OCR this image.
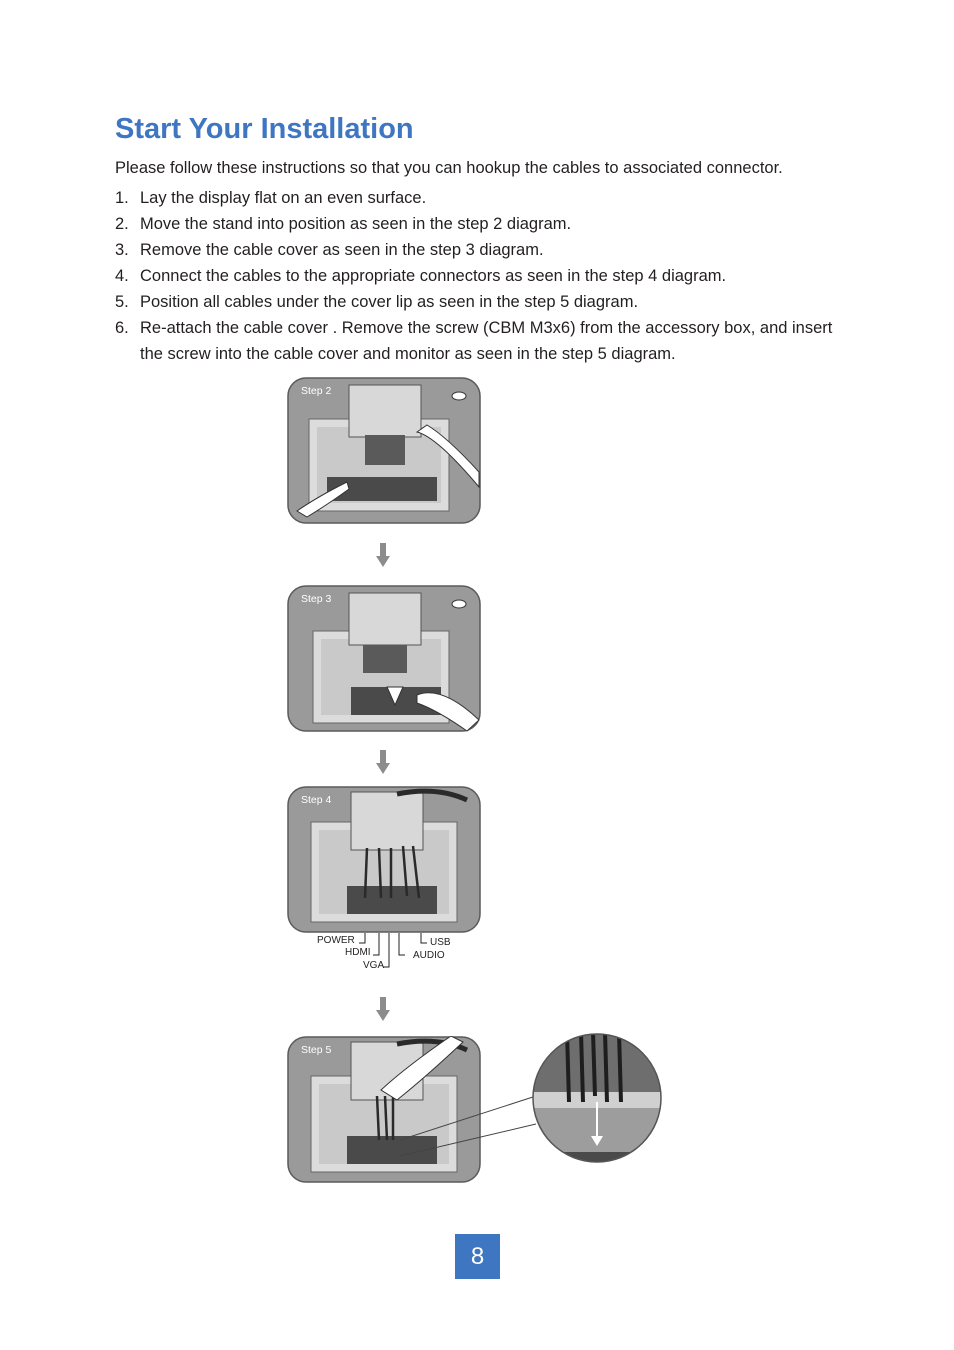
Start Your Installation

Please follow these instructions so that you can hookup the cables to associated connector.

1. Lay the display flat on an even surface.
2. Move the stand into position as seen in the step 2 diagram.
3. Remove the cable cover as seen in the step 3 diagram.
4. Connect the cables to the appropriate connectors as seen in the step 4 diagram.
5. Position all cables under the cover lip as seen in the step 5 diagram.
6. Re-attach the cable cover . Remove the screw (CBM M3x6) from the accessory box, and insert the screw into the cable cover and monitor as seen in the step 5 diagram.
Step 2
Step 3
Step 4
POWER
HDMI
VGA
USB
AUDIO
Step 5
8
